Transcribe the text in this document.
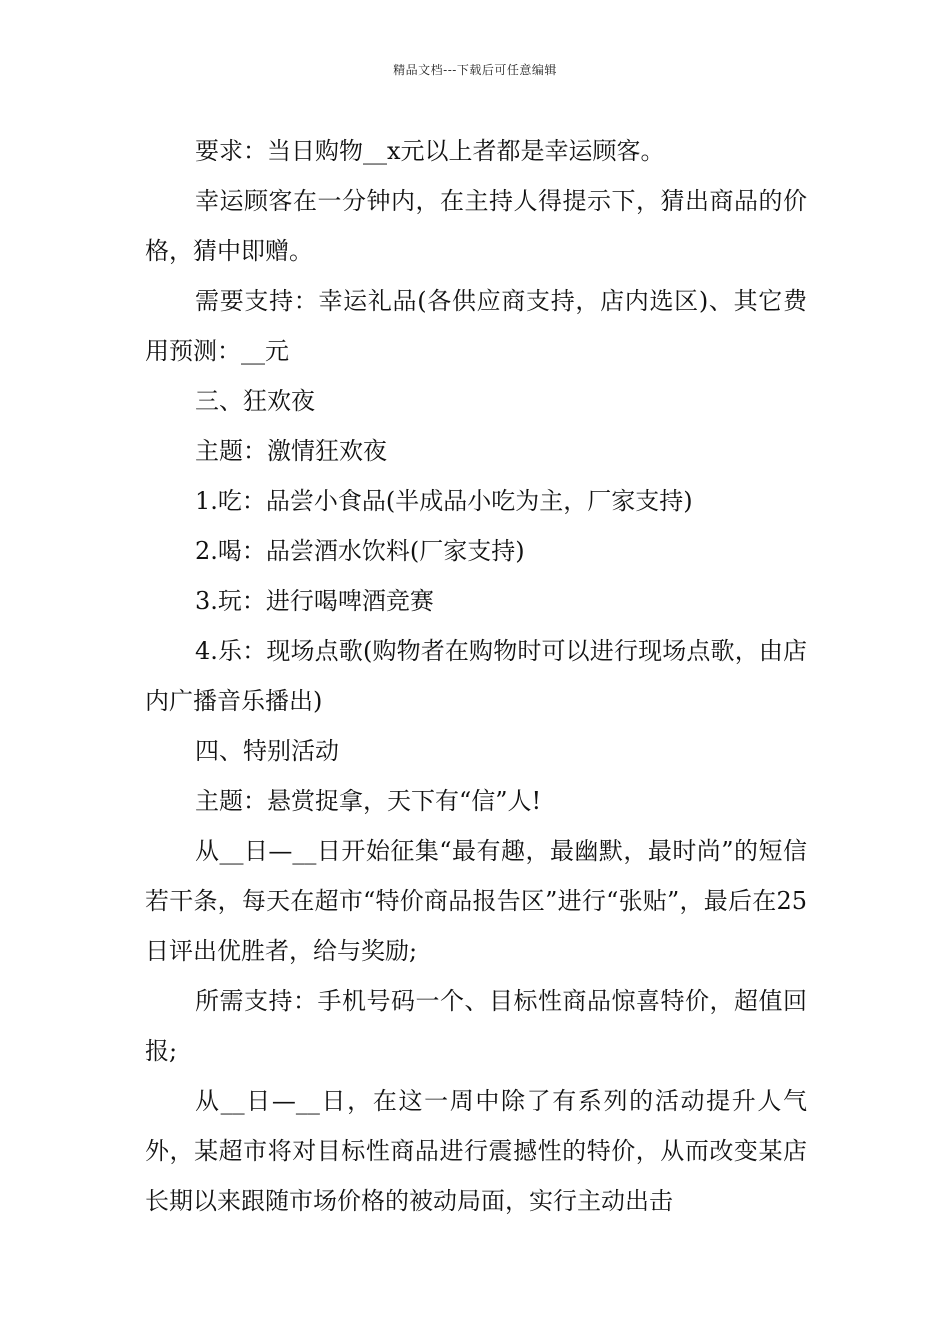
精品文档---下载后可任意编辑

要求：当日购物__x元以上者都是幸运顾客。

幸运顾客在一分钟内，在主持人得提示下，猜出商品的价格，猜中即赠。

需要支持：幸运礼品(各供应商支持，店内选区)、其它费用预测：__元

三、狂欢夜

主题：激情狂欢夜

1.吃：品尝小食品(半成品小吃为主，厂家支持)

2.喝：品尝酒水饮料(厂家支持)

3.玩：进行喝啤酒竞赛

4.乐：现场点歌(购物者在购物时可以进行现场点歌，由店内广播音乐播出)

四、特别活动

主题：悬赏捉拿，天下有“信”人!

从__日—__日开始征集“最有趣，最幽默，最时尚”的短信若干条，每天在超市“特价商品报告区”进行“张贴”，最后在25日评出优胜者，给与奖励;

所需支持：手机号码一个、目标性商品惊喜特价，超值回报;

从__日—__日，在这一周中除了有系列的活动提升人气外，某超市将对目标性商品进行震撼性的特价，从而改变某店长期以来跟随市场价格的被动局面，实行主动出击
